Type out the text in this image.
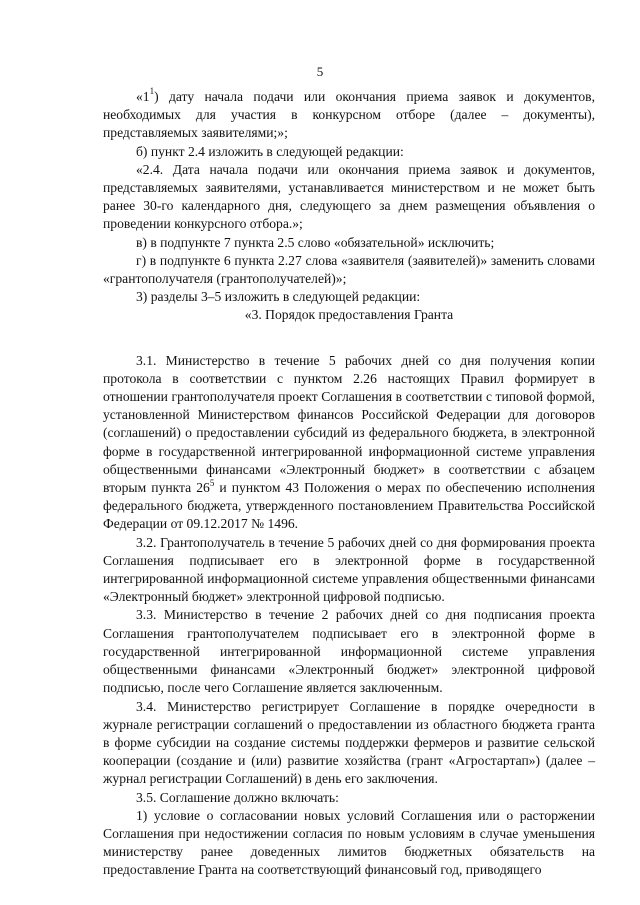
5

«$1^1$) дату начала подачи или окончания приема заявок и документов, необходимых для участия в конкурсном отборе (далее – документы), представляемых заявителями;»;

б) пункт 2.4 изложить в следующей редакции:

«2.4. Дата начала подачи или окончания приема заявок и документов, представляемых заявителями, устанавливается министерством и не может быть ранее 30-го календарного дня, следующего за днем размещения объявления о проведении конкурсного отбора.»;

в) в подпункте 7 пункта 2.5 слово «обязательной» исключить;

г) в подпункте 6 пункта 2.27 слова «заявителя (заявителей)» заменить словами «грантополучателя (грантополучателей)»;

3) разделы 3–5 изложить в следующей редакции:

«3. Порядок предоставления Гранта

3.1. Министерство в течение 5 рабочих дней со дня получения копии протокола в соответствии с пунктом 2.26 настоящих Правил формирует в отношении грантополучателя проект Соглашения в соответствии с типовой формой, установленной Министерством финансов Российской Федерации для договоров (соглашений) о предоставлении субсидий из федерального бюджета, в электронной форме в государственной интегрированной информационной системе управления общественными финансами «Электронный бюджет» в соответствии с абзацем вторым пункта $26^5$ и пунктом 43 Положения о мерах по обеспечению исполнения федерального бюджета, утвержденного постановлением Правительства Российской Федерации от 09.12.2017 № 1496.

3.2. Грантополучатель в течение 5 рабочих дней со дня формирования проекта Соглашения подписывает его в электронной форме в государственной интегрированной информационной системе управления общественными финансами «Электронный бюджет» электронной цифровой подписью.

3.3. Министерство в течение 2 рабочих дней со дня подписания проекта Соглашения грантополучателем подписывает его в электронной форме в государственной интегрированной информационной системе управления общественными финансами «Электронный бюджет» электронной цифровой подписью, после чего Соглашение является заключенным.

3.4. Министерство регистрирует Соглашение в порядке очередности в журнале регистрации соглашений о предоставлении из областного бюджета гранта в форме субсидии на создание системы поддержки фермеров и развитие сельской кооперации (создание и (или) развитие хозяйства (грант «Агростартап») (далее – журнал регистрации Соглашений) в день его заключения.

3.5. Соглашение должно включать:

1) условие о согласовании новых условий Соглашения или о расторжении Соглашения при недостижении согласия по новым условиям в случае уменьшения министерству ранее доведенных лимитов бюджетных обязательств на предоставление Гранта на соответствующий финансовый год, приводящего
